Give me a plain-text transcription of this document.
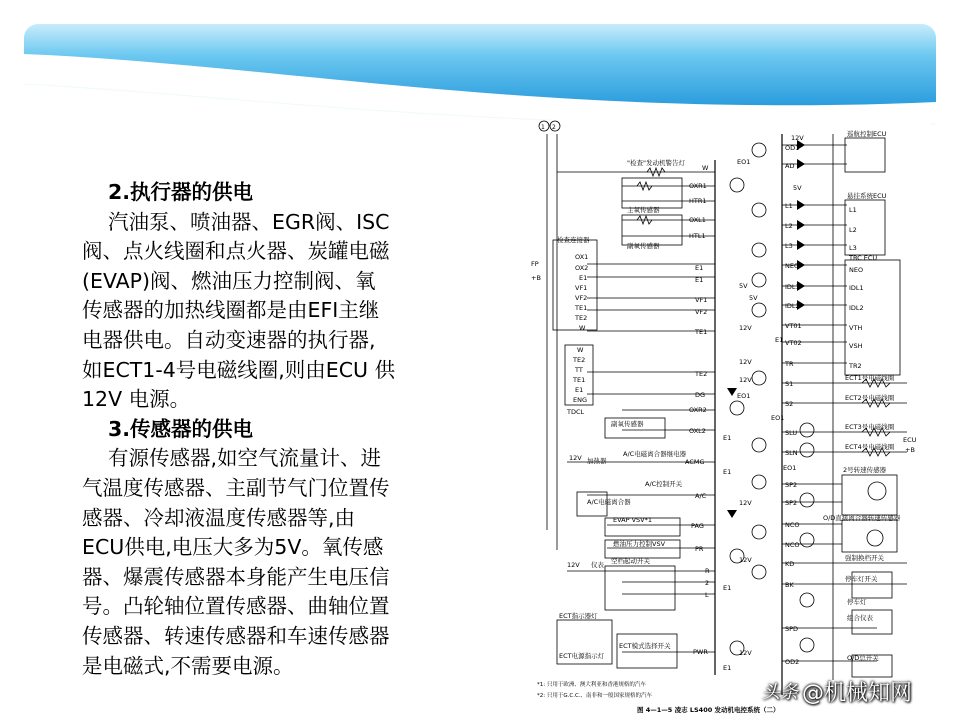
2.执行器的供电
汽油泵、喷油器、EGR阀、ISC
阀、点火线圈和点火器、炭罐电磁
(EVAP)阀、燃油压力控制阀、氧
传感器的加热线圈都是由EFI主继
电器供电。自动变速器的执行器,
如ECT1-4号电磁线圈,则由ECU 供
12V 电源。
3.传感器的供电
有源传感器,如空气流量计、进
气温度传感器、主副节气门位置传
感器、冷却液温度传感器等,由
ECU供电,电压大多为5V。氧传感
器、爆震传感器本身能产生电压信
号。凸轮轴位置传感器、曲轴位置
传感器、转速传感器和车速传感器
是电磁式,不需要电源。
1 2
"检查"发动机警告灯
W
OXR1
HTR1
OXL1
HTL1
主氧传感器
副氧传感器
检查连接器
FP
+B
OX1
OX2
E1
VF1
VF2
TE1
TE2
W
E1
E1
VF1
VF2
TE1
W
TE2
TT
TE1
E1
ENG
TDCL
TE2
DG
OXR2
OXL2
副氧传感器
A/C电磁离合器继电器
12V 加热器	ACMG
A/C控制开关
A/C电磁离合器
A/C
EVAP VSV*1
燃油压力控制VSV
PAG
PR
空档起动开关
12V 仪表
R
2
L
ECT指示器灯
ECT电源指示灯
ECT模式选择开关
PWR
12V
OD1
AD
巡航控制ECU
悬挂系统ECU
5V
L1
L2
L3
L1
L2
L3
TRC ECU
NE0
IDL1
IDL2
VT01
VT02
TR
NEO
IDL1
IDL2
VTH
VSH
TR2
S1
S2
ECT1号电磁线圈
ECT2号电磁线圈
SLU
SLN
ECT3号电磁线圈
ECT4号电磁线圈
ECU
+B
SP2
SP2
2号转速传感器
NCO
NCO
O/D直接离合器转速传感器
KD
BK
强制换档开关
停车灯开关
停车灯
SPD
OD2
组合仪表
O/D总开关
EO1
EO1
E1
E1
E1
E1
E1
EO1
EO1
5V
5V
12V
12V
12V
12V
12V
12V
*1: 只用于欧洲、澳大利亚和香港规格的汽车
*2: 只用于G.C.C.、南非和一般国家规格的汽车
图 4—1—5 凌志 LS400 发动机电控系统（二）
头条 @机械知网
